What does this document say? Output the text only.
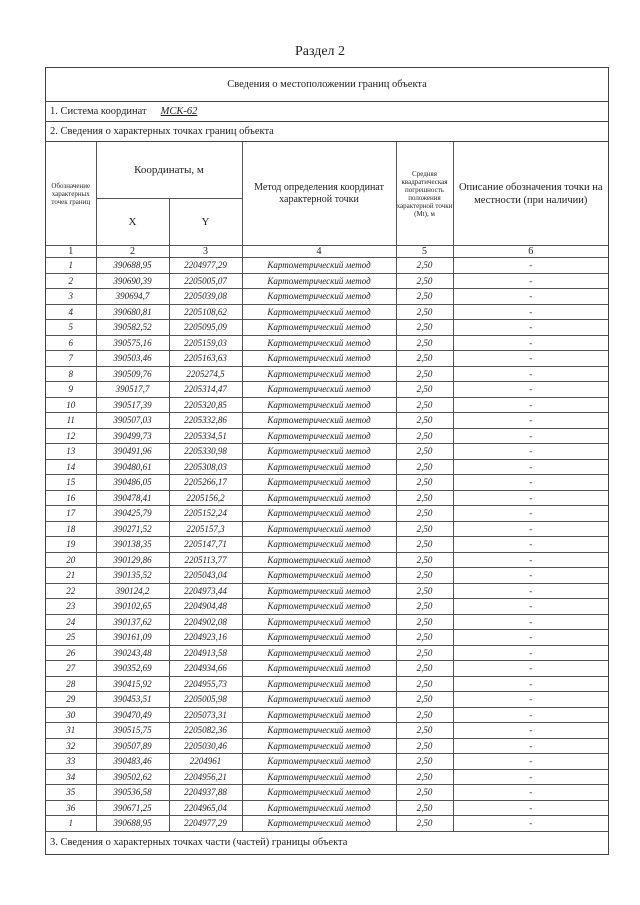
Раздел 2
Сведения о местоположении границ объекта
1. Система координат МСК-62
2. Сведения о характерных точках границ объекта
Обозначение характерных точек границ	Координаты, м		Метод определения координат характерной точки	Средняя квадратическая погрешность положения характерной точки (Mt), м	Описание обозначения точки на местности (при наличии)
	X	Y			
1	2	3	4	5	6
1	390688,95	2204977,29	Картометрический метод	2,50	-
2	390690,39	2205005,07	Картометрический метод	2,50	-
3	390694,7	2205039,08	Картометрический метод	2,50	-
4	390680,81	2205108,62	Картометрический метод	2,50	-
5	390582,52	2205095,09	Картометрический метод	2,50	-
6	390575,16	2205159,03	Картометрический метод	2,50	-
7	390503,46	2205163,63	Картометрический метод	2,50	-
8	390509,76	2205274,5	Картометрический метод	2,50	-
9	390517,7	2205314,47	Картометрический метод	2,50	-
10	390517,39	2205320,85	Картометрический метод	2,50	-
11	390507,03	2205332,86	Картометрический метод	2,50	-
12	390499,73	2205334,51	Картометрический метод	2,50	-
13	390491,96	2205330,98	Картометрический метод	2,50	-
14	390480,61	2205308,03	Картометрический метод	2,50	-
15	390486,05	2205266,17	Картометрический метод	2,50	-
16	390478,41	2205156,2	Картометрический метод	2,50	-
17	390425,79	2205152,24	Картометрический метод	2,50	-
18	390271,52	2205157,3	Картометрический метод	2,50	-
19	390138,35	2205147,71	Картометрический метод	2,50	-
20	390129,86	2205113,77	Картометрический метод	2,50	-
21	390135,52	2205043,04	Картометрический метод	2,50	-
22	390124,2	2204973,44	Картометрический метод	2,50	-
23	390102,65	2204904,48	Картометрический метод	2,50	-
24	390137,62	2204902,08	Картометрический метод	2,50	-
25	390161,09	2204923,16	Картометрический метод	2,50	-
26	390243,48	2204913,58	Картометрический метод	2,50	-
27	390352,69	2204934,66	Картометрический метод	2,50	-
28	390415,92	2204955,73	Картометрический метод	2,50	-
29	390453,51	2205005,98	Картометрический метод	2,50	-
30	390470,49	2205073,31	Картометрический метод	2,50	-
31	390515,75	2205082,36	Картометрический метод	2,50	-
32	390507,89	2205030,46	Картометрический метод	2,50	-
33	390483,46	2204961	Картометрический метод	2,50	-
34	390502,62	2204956,21	Картометрический метод	2,50	-
35	390536,58	2204937,88	Картометрический метод	2,50	-
36	390671,25	2204965,04	Картометрический метод	2,50	-
1	390688,95	2204977,29	Картометрический метод	2,50	-
3. Сведения о характерных точках части (частей) границы объекта
